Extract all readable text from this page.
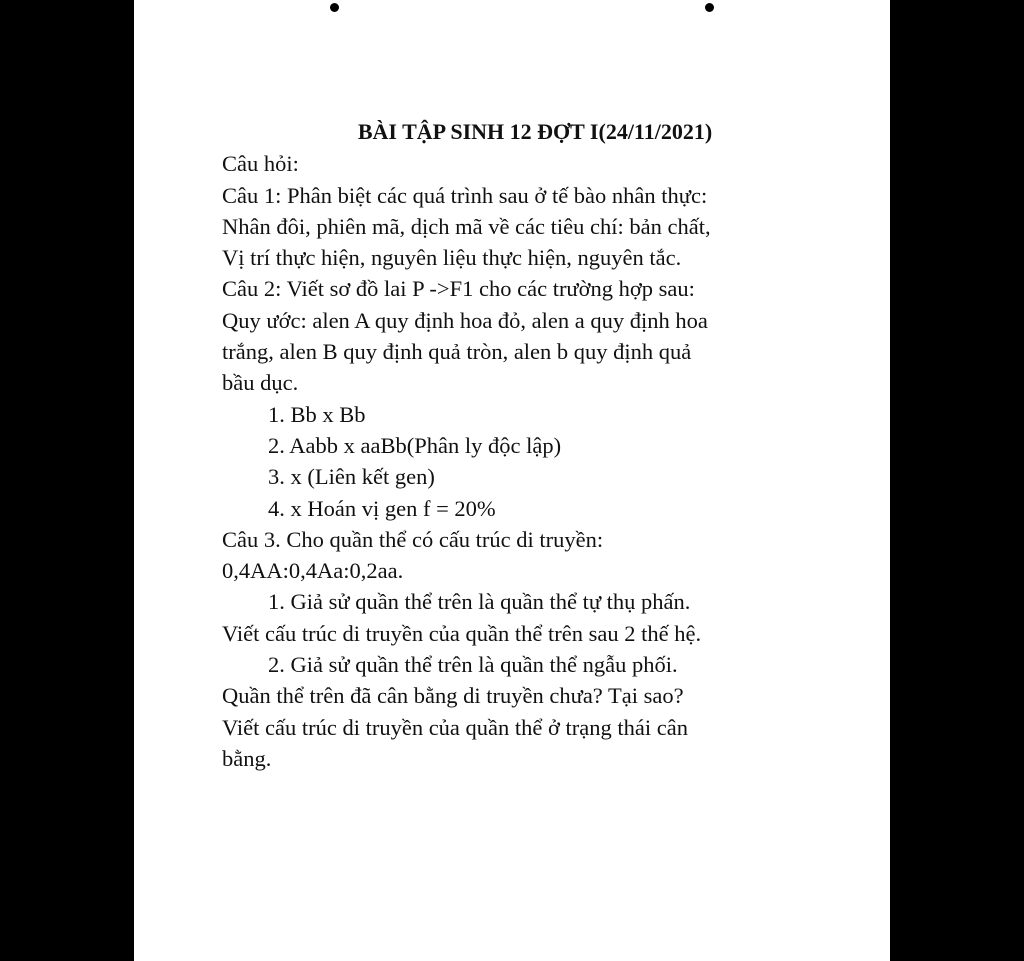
BÀI TẬP SINH 12 ĐỢT I(24/11/2021)
Câu hỏi:
Câu 1: Phân biệt các quá trình sau ở tế bào nhân thực:
Nhân đôi, phiên mã, dịch mã về các tiêu chí: bản chất,
Vị trí thực hiện, nguyên liệu thực hiện, nguyên tắc.
Câu 2: Viết sơ đồ lai P ->F1 cho các trường hợp sau:
Quy ước: alen A quy định hoa đỏ, alen a quy định hoa
trắng, alen B quy định quả tròn, alen b quy định quả
bầu dục.
1. Bb x Bb
2. Aabb x aaBb(Phân ly độc lập)
3. x (Liên kết gen)
4. x Hoán vị gen f = 20%
Câu 3. Cho quần thể có cấu trúc di truyền:
0,4AA:0,4Aa:0,2aa.
1. Giả sử quần thể trên là quần thể tự thụ phấn.
Viết cấu trúc di truyền của quần thể trên sau 2 thế hệ.
2. Giả sử quần thể trên là quần thể ngẫu phối.
Quần thể trên đã cân bằng di truyền chưa? Tại sao?
Viết cấu trúc di truyền của quần thể ở trạng thái cân
bằng.
